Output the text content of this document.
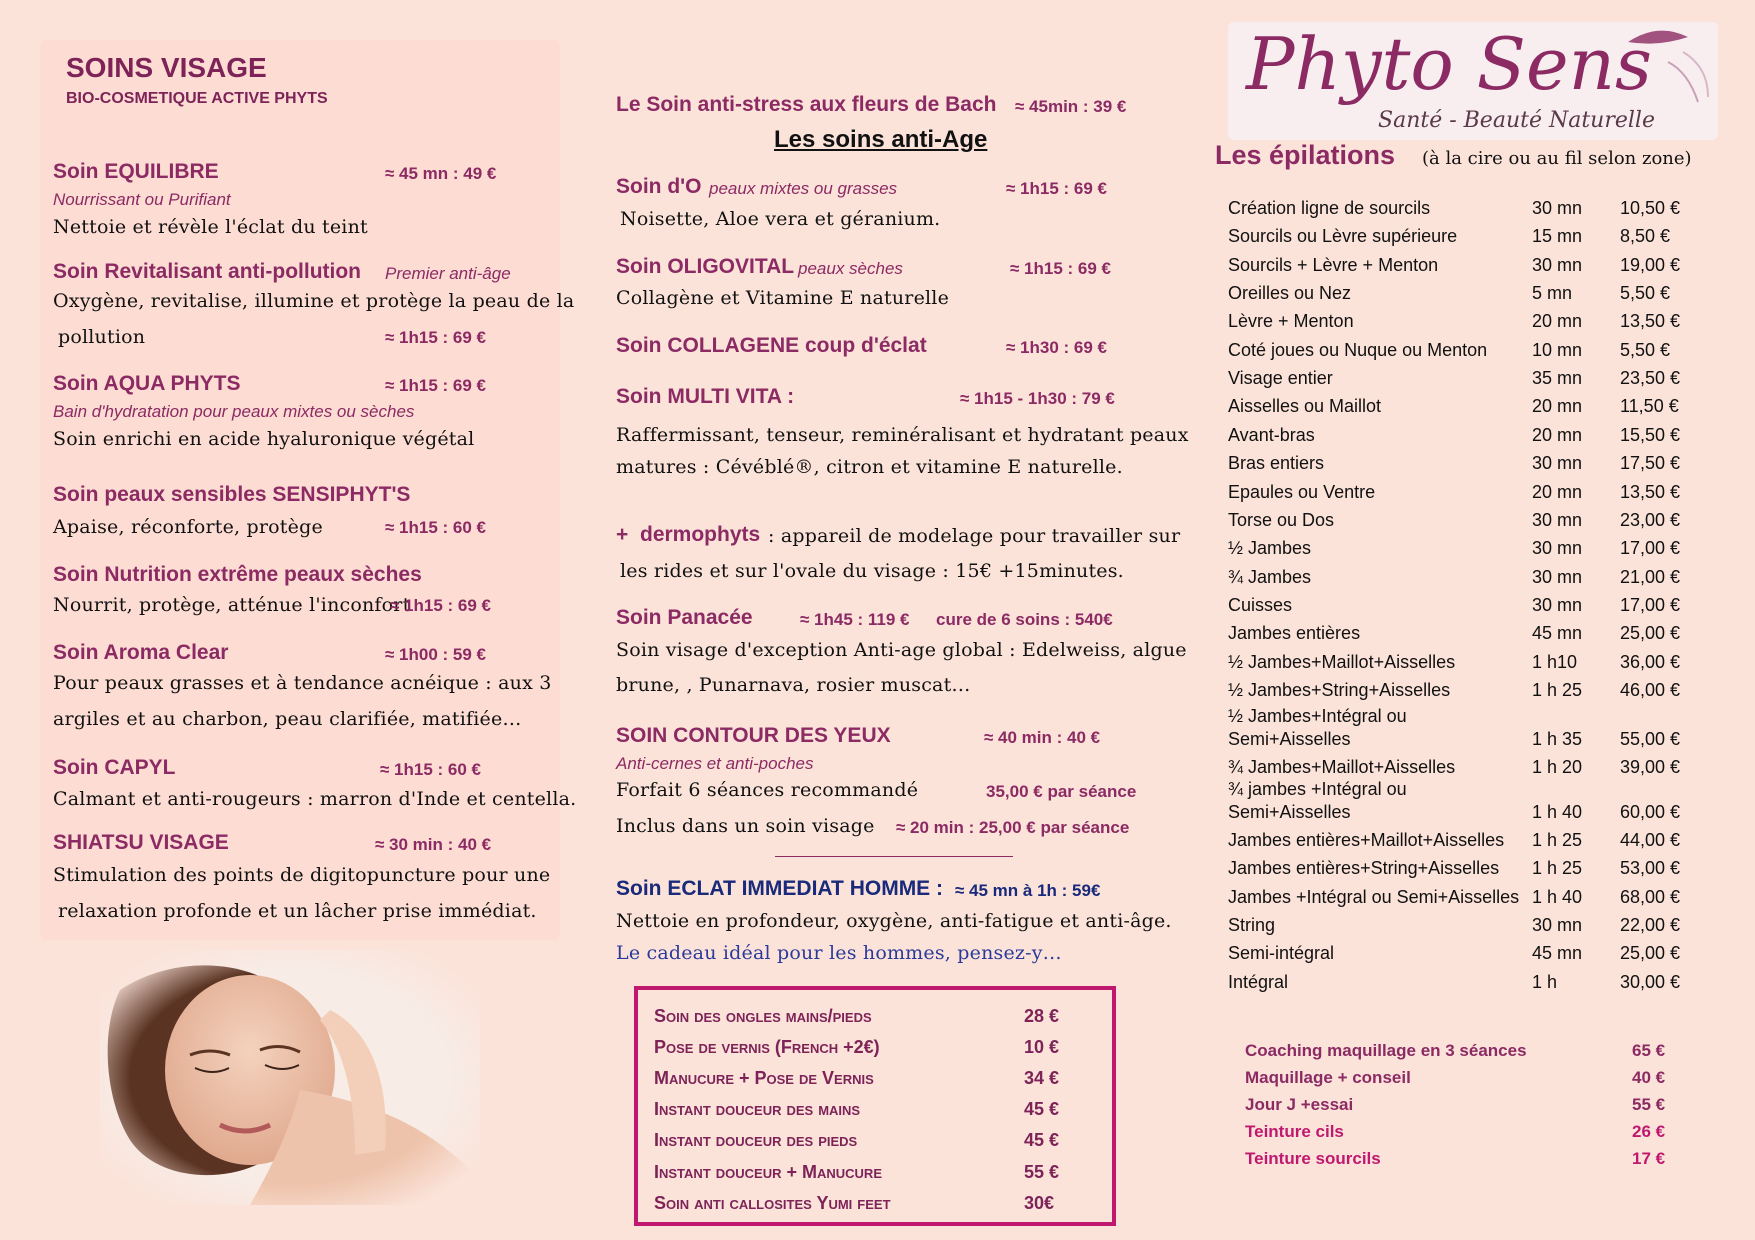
SOINS VISAGE
BIO-COSMETIQUE ACTIVE PHYTS
Soin EQUILIBRE	≈ 45 mn : 49 €
Nourrissant ou Purifiant
Nettoie et révèle l'éclat du teint
Soin Revitalisant anti-pollution Premier anti-âge
Oxygène, revitalise, illumine et protège la peau de la
pollution	≈ 1h15 : 69 €
Soin AQUA PHYTS	≈ 1h15 : 69 €
Bain d'hydratation pour peaux mixtes ou sèches
Soin enrichi en acide hyaluronique végétal
Soin peaux sensibles SENSIPHYT'S
Apaise, réconforte, protège	≈ 1h15 : 60 €
Soin Nutrition extrême peaux sèches
Nourrit, protège, atténue l'inconfort
≈ 1h15 : 69 €
Soin Aroma Clear	≈ 1h00 : 59 €
Pour peaux grasses et à tendance acnéique : aux 3
argiles et au charbon, peau clarifiée, matifiée…
Soin CAPYL	≈ 1h15 : 60 €
Calmant et anti-rougeurs : marron d'Inde et centella.
SHIATSU VISAGE	≈ 30 min : 40 €
Stimulation des points de digitopuncture pour une
relaxation profonde et un lâcher prise immédiat.
Le Soin anti-stress aux fleurs de Bach ≈ 45min : 39 €
Les soins anti-Age
Soin d'O peaux mixtes ou grasses	≈ 1h15 : 69 €
Noisette, Aloe vera et géranium.
Soin OLIGOVITAL peaux sèches	≈ 1h15 : 69 €
Collagène et Vitamine E naturelle
Soin COLLAGENE coup d'éclat	≈ 1h30 : 69 €
Soin MULTI VITA :	≈ 1h15 - 1h30 : 79 €
Raffermissant, tenseur, reminéralisant et hydratant peaux
matures : Cévéblé®, citron et vitamine E naturelle.
+ dermophyts : appareil de modelage pour travailler sur
les rides et sur l'ovale du visage : 15€ +15minutes.
Soin Panacée	≈ 1h45 : 119 € cure de 6 soins : 540€
Soin visage d'exception Anti-age global : Edelweiss, algue
brune, , Punarnava, rosier muscat…
SOIN CONTOUR DES YEUX	≈ 40 min : 40 €
Anti-cernes et anti-poches
Forfait 6 séances recommandé	35,00 € par séance
Inclus dans un soin visage ≈ 20 min : 25,00 € par séance
Soin ECLAT IMMEDIAT HOMME : ≈ 45 mn à 1h : 59€
Nettoie en profondeur, oxygène, anti-fatigue et anti-âge.
Le cadeau idéal pour les hommes, pensez-y…
Soin des ongles mains/pieds	28 €
Pose de vernis (French +2€)	10 €
Manucure + Pose de Vernis	34 €
Instant douceur des mains	45 €
Instant douceur des pieds	45 €
Instant douceur + Manucure	55 €
Soin anti callosites Yumi feet	30€
Phyto Sens
Santé - Beauté Naturelle
Les épilations (à la cire ou au fil selon zone)
Création ligne de sourcils	30 mn 10,50 €
Sourcils ou Lèvre supérieure	15 mn 8,50 €
Sourcils + Lèvre + Menton	30 mn 19,00 €
Oreilles ou Nez	5 mn	5,50 €
Lèvre + Menton	20 mn 13,50 €
Coté joues ou Nuque ou Menton 10 mn 5,50 €
Visage entier	35 mn 23,50 €
Aisselles ou Maillot	20 mn 11,50 €
Avant-bras	20 mn 15,50 €
Bras entiers	30 mn 17,50 €
Epaules ou Ventre	20 mn 13,50 €
Torse ou Dos	30 mn 23,00 €
½ Jambes	30 mn 17,00 €
¾ Jambes	30 mn 21,00 €
Cuisses	30 mn 17,00 €
Jambes entières	45 mn 25,00 €
½ Jambes+Maillot+Aisselles	1 h10 36,00 €
½ Jambes+String+Aisselles	1 h 25 46,00 €
½ Jambes+Intégral ou
Semi+Aisselles	1 h 35 55,00 €
¾ Jambes+Maillot+Aisselles	1 h 20 39,00 €
¾ jambes +Intégral ou
Semi+Aisselles	1 h 40 60,00 €
Jambes entières+Maillot+Aisselles 1 h 25 44,00 €
Jambes entières+String+Aisselles 1 h 25 53,00 €
Jambes +Intégral ou Semi+Aisselles 1 h 40 68,00 €
String	30 mn 22,00 €
Semi-intégral	45 mn 25,00 €
Intégral	1 h	30,00 €
Coaching maquillage en 3 séances	65 €
Maquillage + conseil	40 €
Jour J +essai	55 €
Teinture cils	26 €
Teinture sourcils	17 €
